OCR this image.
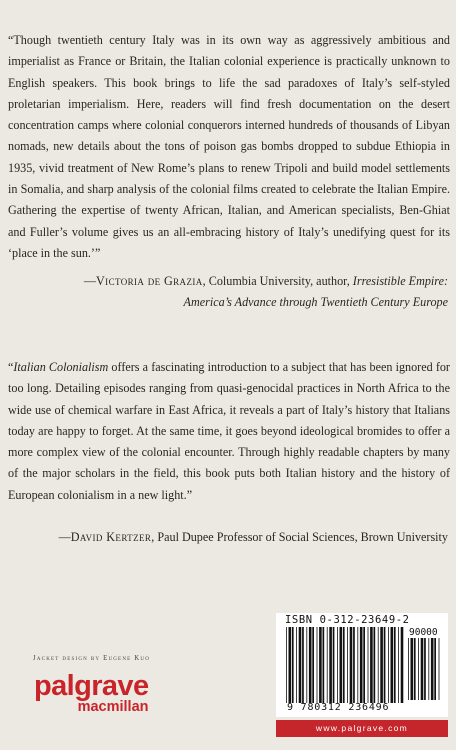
“Though twentieth century Italy was in its own way as aggressively ambitious and imperialist as France or Britain, the Italian colonial experience is practically unknown to English speakers. This book brings to life the sad paradoxes of Italy’s self-styled proletarian imperialism. Here, readers will find fresh documentation on the desert concentration camps where colonial conquerors interned hundreds of thousands of Libyan nomads, new details about the tons of poison gas bombs dropped to subdue Ethiopia in 1935, vivid treatment of New Rome’s plans to renew Tripoli and build model settlements in Somalia, and sharp analysis of the colonial films created to celebrate the Italian Empire. Gathering the expertise of twenty African, Italian, and American specialists, Ben-Ghiat and Fuller’s volume gives us an all-embracing history of Italy’s unedifying quest for its ‘place in the sun.’”
—Victoria de Grazia, Columbia University, author, Irresistible Empire:
America’s Advance through Twentieth Century Europe
“Italian Colonialism offers a fascinating introduction to a subject that has been ignored for too long. Detailing episodes ranging from quasi-genocidal practices in North Africa to the wide use of chemical warfare in East Africa, it reveals a part of Italy’s history that Italians today are happy to forget. At the same time, it goes beyond ideological bromides to offer a more complex view of the colonial encounter. Through highly readable chapters by many of the major scholars in the field, this book puts both Italian history and the history of European colonialism in a new light.”
—David Kertzer, Paul Dupee Professor of Social Sciences, Brown University
Jacket design by Eugene Kuo
palgrave
macmillan
ISBN 0-312-23649-2
90000
9 780312 236496
www.palgrave.com
